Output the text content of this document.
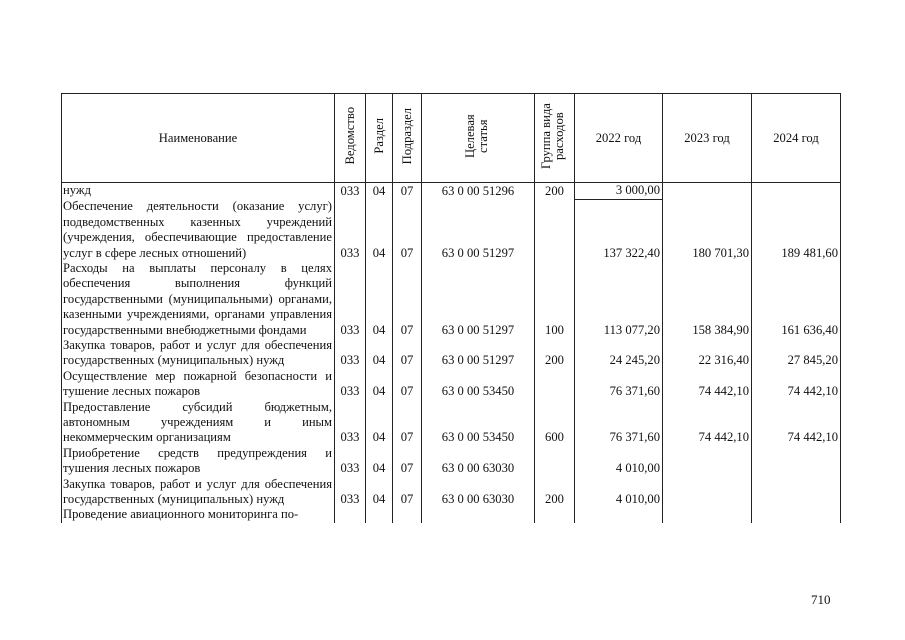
Наименование	Ведомство	Раздел	Подраздел	Целевая статья	Группа вида расходов	2022 год	2023 год	2024 год
нужд	033	04	07	63 0 00 51296	200	3 000,00		
Обеспечение деятельности (оказание услуг) подведомственных казенных учреждений (учреждения, обеспечивающие предоставление услуг в сфере лесных отношений)	033	04	07	63 0 00 51297		137 322,40	180 701,30	189 481,60
Расходы на выплаты персоналу в целях обеспечения выполнения функций государственными (муниципальными) органами, казенными учреждениями, органами управления государственными внебюджетными фондами	033	04	07	63 0 00 51297	100	113 077,20	158 384,90	161 636,40
Закупка товаров, работ и услуг для обеспечения государственных (муниципальных) нужд	033	04	07	63 0 00 51297	200	24 245,20	22 316,40	27 845,20
Осуществление мер пожарной безопасности и тушение лесных пожаров	033	04	07	63 0 00 53450		76 371,60	74 442,10	74 442,10
Предоставление субсидий бюджетным, автономным учреждениям и иным некоммерческим организациям	033	04	07	63 0 00 53450	600	76 371,60	74 442,10	74 442,10
Приобретение средств предупреждения и тушения лесных пожаров	033	04	07	63 0 00 63030		4 010,00		
Закупка товаров, работ и услуг для обеспечения государственных (муниципальных) нужд	033	04	07	63 0 00 63030	200	4 010,00		
Проведение авиационного мониторинга по-								
710
